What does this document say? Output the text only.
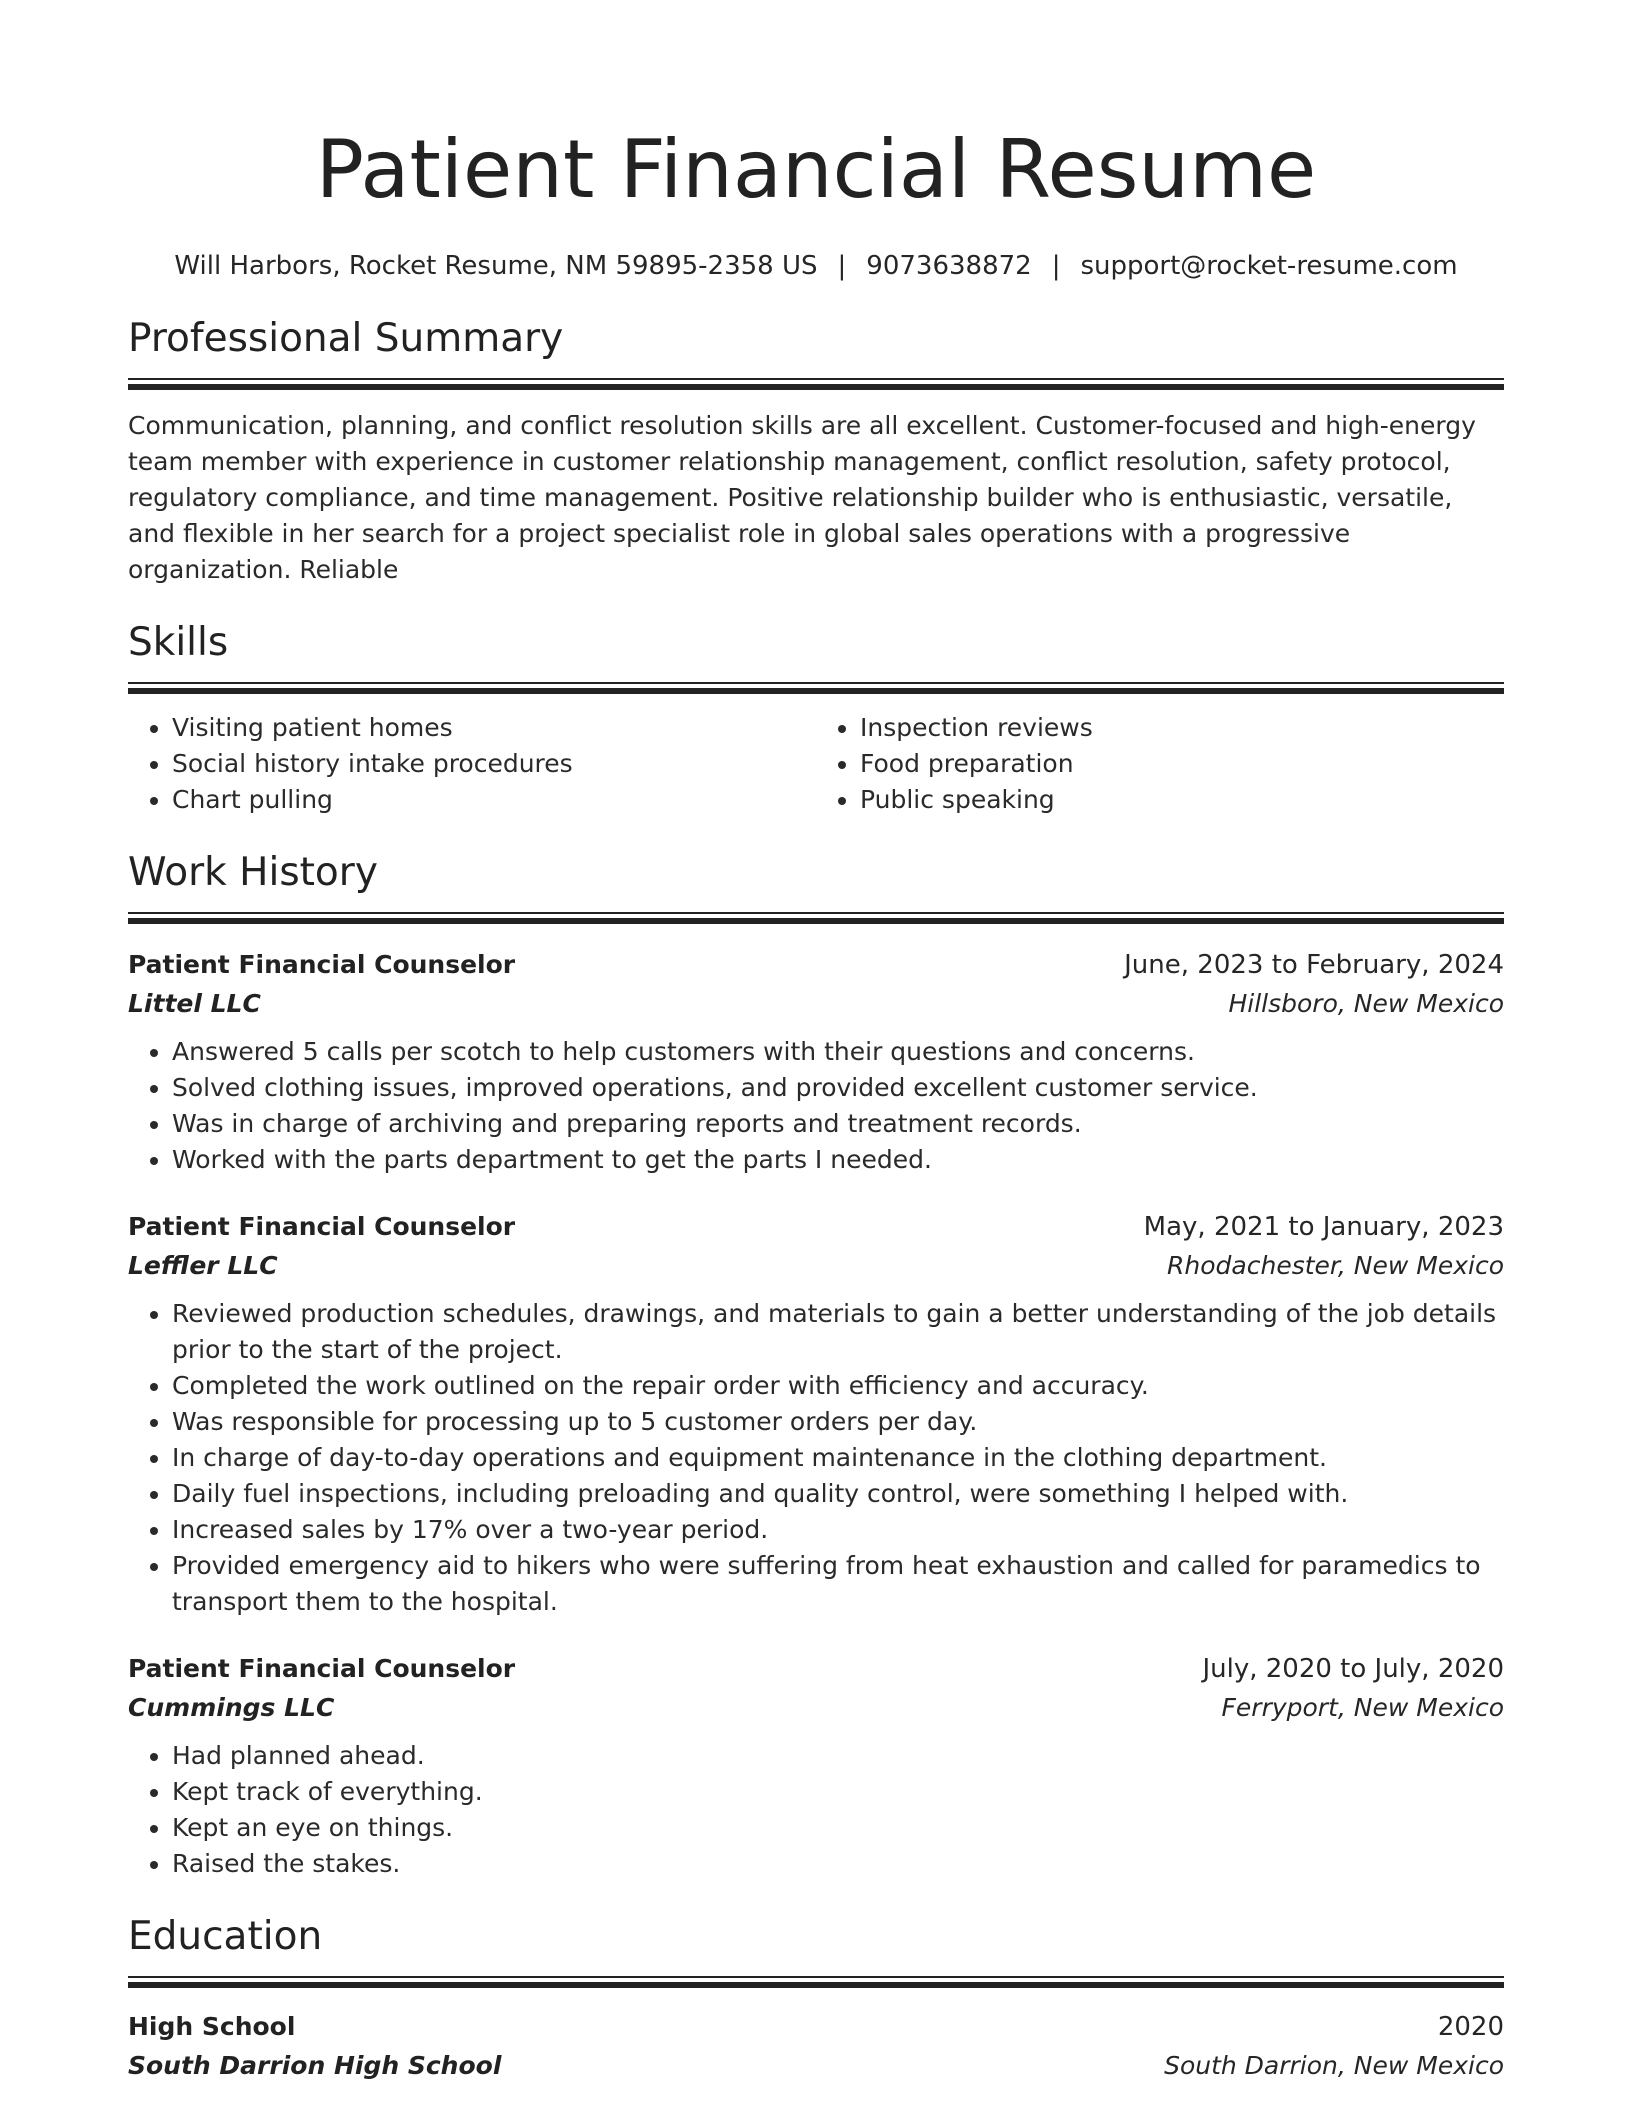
Patient Financial Resume
Will Harbors, Rocket Resume, NM 59895-2358 US | 9073638872 | support@rocket-resume.com
Professional Summary
Communication, planning, and conflict resolution skills are all excellent. Customer-focused and high-energy team member with experience in customer relationship management, conflict resolution, safety protocol, regulatory compliance, and time management. Positive relationship builder who is enthusiastic, versatile, and flexible in her search for a project specialist role in global sales operations with a progressive organization. Reliable
Skills
• Visiting patient homes
• Social history intake procedures
• Chart pulling
• Inspection reviews
• Food preparation
• Public speaking
Work History
Patient Financial Counselor	June, 2023 to February, 2024
Littel LLC	Hillsboro, New Mexico
• Answered 5 calls per scotch to help customers with their questions and concerns.
• Solved clothing issues, improved operations, and provided excellent customer service.
• Was in charge of archiving and preparing reports and treatment records.
• Worked with the parts department to get the parts I needed.
Patient Financial Counselor	May, 2021 to January, 2023
Leffler LLC	Rhodachester, New Mexico
• Reviewed production schedules, drawings, and materials to gain a better understanding of the job details prior to the start of the project.
• Completed the work outlined on the repair order with efficiency and accuracy.
• Was responsible for processing up to 5 customer orders per day.
• In charge of day-to-day operations and equipment maintenance in the clothing department.
• Daily fuel inspections, including preloading and quality control, were something I helped with.
• Increased sales by 17% over a two-year period.
• Provided emergency aid to hikers who were suffering from heat exhaustion and called for paramedics to transport them to the hospital.
Patient Financial Counselor	July, 2020 to July, 2020
Cummings LLC	Ferryport, New Mexico
• Had planned ahead.
• Kept track of everything.
• Kept an eye on things.
• Raised the stakes.
Education
High School	2020
South Darrion High School	South Darrion, New Mexico
